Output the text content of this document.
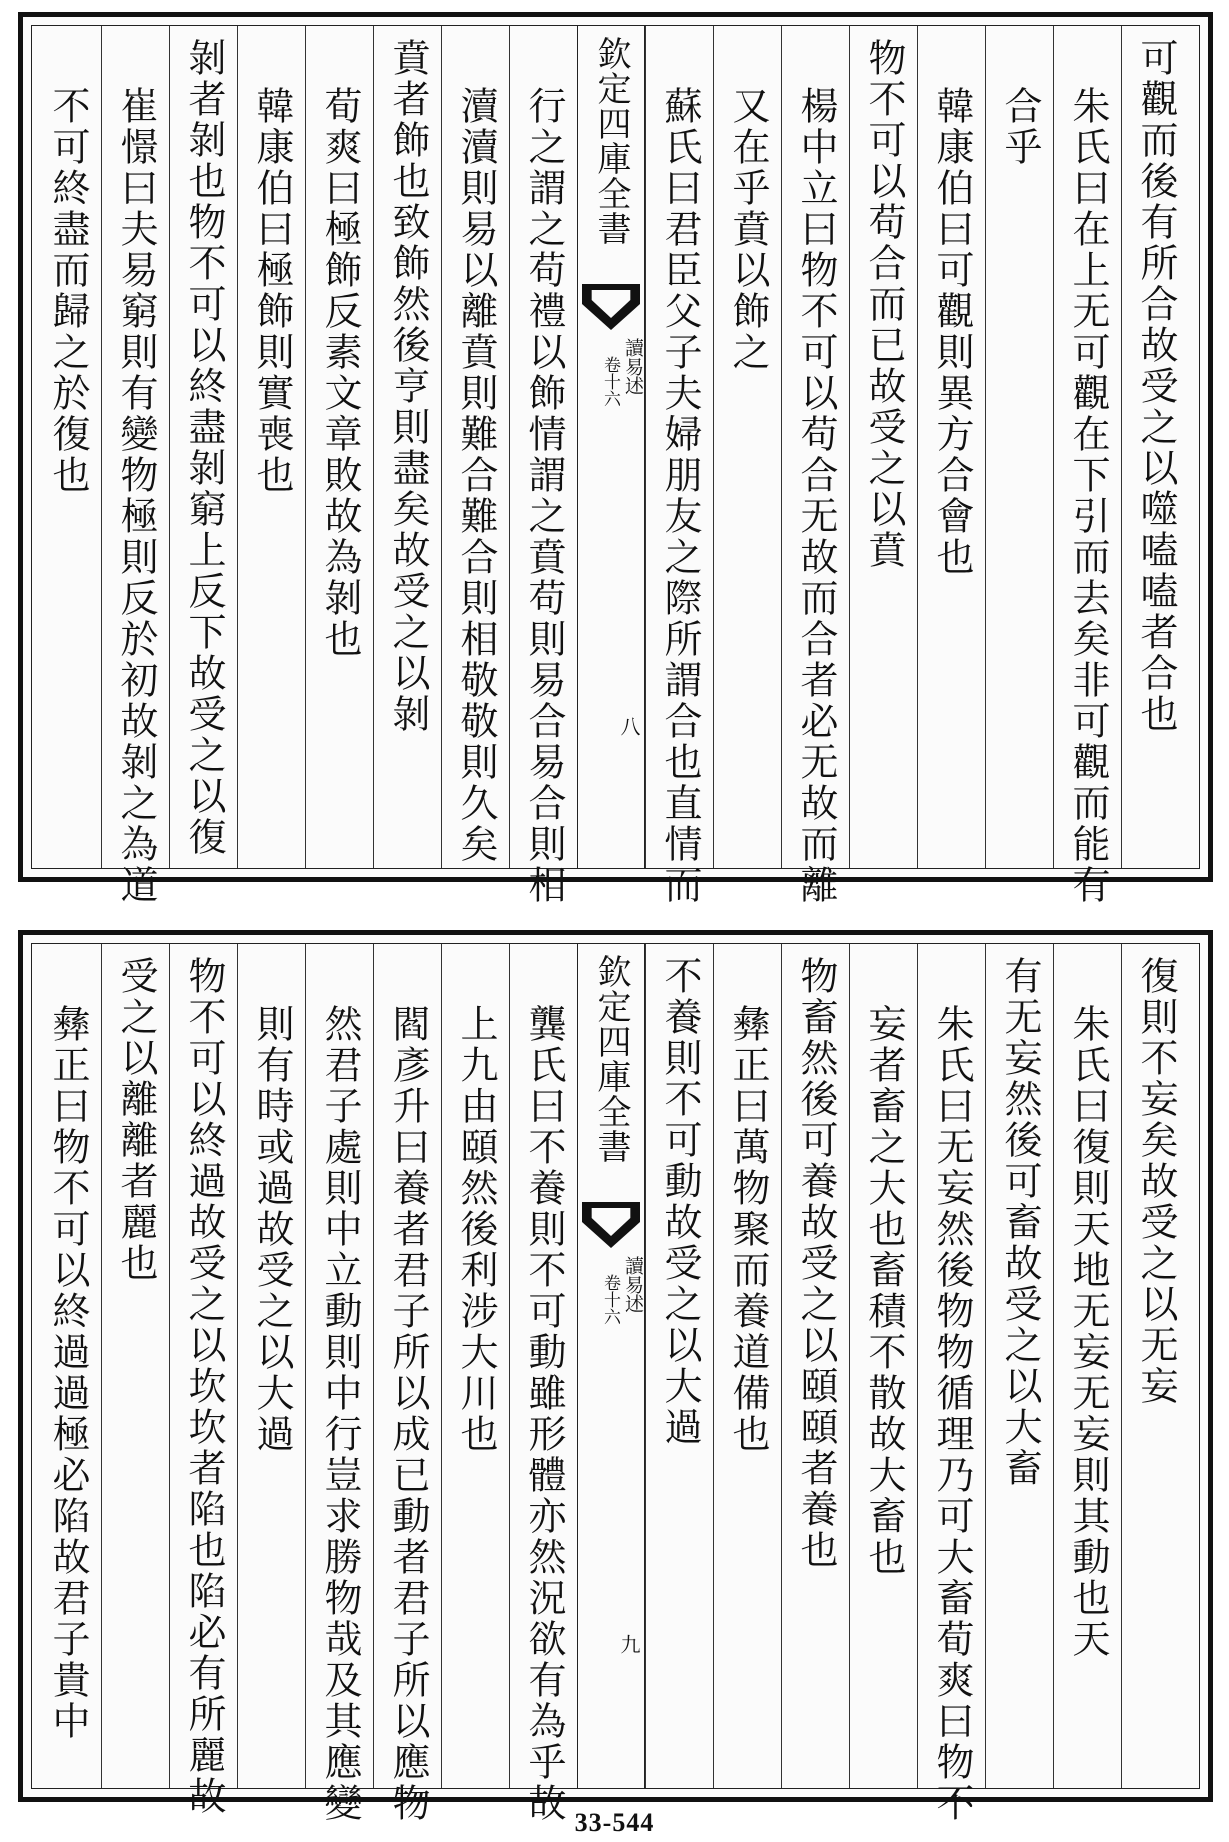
可觀而後有所合故受之以噬嗑嗑者合也
朱氏曰在上无可觀在下引而去矣非可觀而能有
合乎
韓康伯曰可觀則異方合會也
物不可以苟合而已故受之以賁
楊中立曰物不可以苟合无故而合者必无故而離
又在乎賁以飾之
蘇氏曰君臣父子夫婦朋友之際所謂合也直情而
欽定四庫全書
讀易述
卷十六
八
行之謂之苟禮以飾情謂之賁苟則易合易合則相
瀆瀆則易以離賁則難合難合則相敬敬則久矣
賁者飾也致飾然後亨則盡矣故受之以剝
荀爽曰極飾反素文章敗故為剝也
韓康伯曰極飾則實喪也
剝者剝也物不可以終盡剝窮上反下故受之以復
崔憬曰夫易窮則有變物極則反於初故剝之為道
不可終盡而歸之於復也
復則不妄矣故受之以无妄
朱氏曰復則天地无妄无妄則其動也天
有无妄然後可畜故受之以大畜
朱氏曰无妄然後物物循理乃可大畜荀爽曰物不
妄者畜之大也畜積不散故大畜也
物畜然後可養故受之以頤頤者養也
彝正曰萬物聚而養道備也
不養則不可動故受之以大過
欽定四庫全書
讀易述
卷十六
九
龔氏曰不養則不可動雖形體亦然況欲有為乎故
上九由頤然後利涉大川也
閻彥升曰養者君子所以成已動者君子所以應物
然君子處則中立動則中行豈求勝物哉及其應變
則有時或過故受之以大過
物不可以終過故受之以坎坎者陷也陷必有所麗故
受之以離離者麗也
彝正曰物不可以終過過極必陷故君子貴中
33-544
